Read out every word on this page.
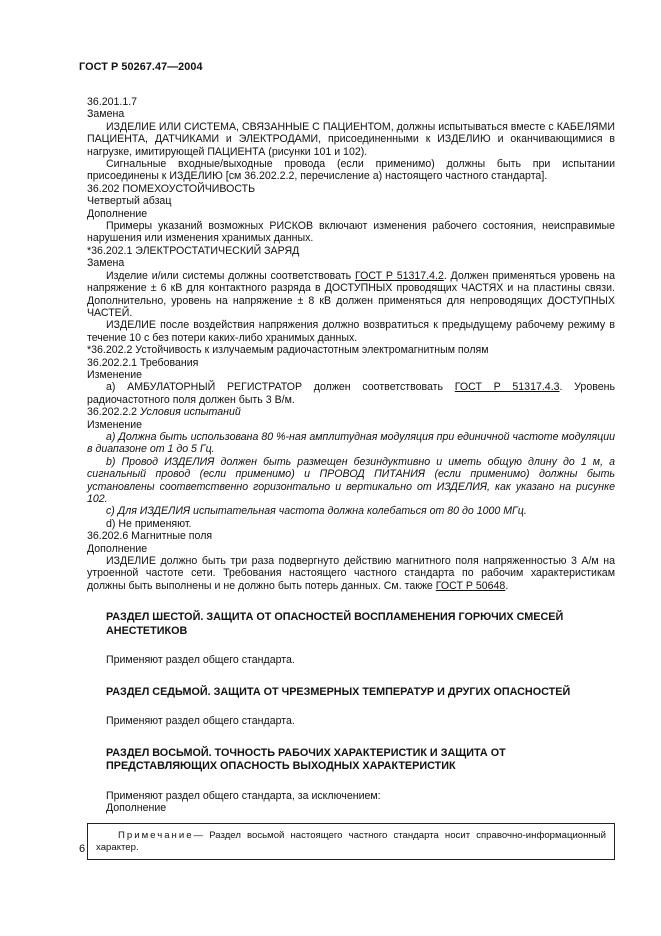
ГОСТ Р 50267.47—2004

36.201.1.7

Замена

ИЗДЕЛИЕ ИЛИ СИСТЕМА, СВЯЗАННЫЕ С ПАЦИЕНТОМ, должны испытываться вместе с КАБЕЛЯМИ ПАЦИЕНТА, ДАТЧИКАМИ и ЭЛЕКТРОДАМИ, присоединенными к ИЗДЕЛИЮ и оканчивающимися в нагрузке, имитирующей ПАЦИЕНТА (рисунки 101 и 102).

Сигнальные входные/выходные провода (если применимо) должны быть при испытании присоединены к ИЗДЕЛИЮ [см 36.202.2.2, перечисление а) настоящего частного стандарта].

36.202 ПОМЕХОУСТОЙЧИВОСТЬ

Четвертый абзац

Дополнение

Примеры указаний возможных РИСКОВ включают изменения рабочего состояния, неисправимые нарушения или изменения хранимых данных.

*36.202.1 ЭЛЕКТРОСТАТИЧЕСКИЙ ЗАРЯД

Замена

Изделие и/или системы должны соответствовать ГОСТ Р 51317.4.2. Должен применяться уровень на напряжение ± 6 кВ для контактного разряда в ДОСТУПНЫХ проводящих ЧАСТЯХ и на пластины связи. Дополнительно, уровень на напряжение ± 8 кВ должен применяться для непроводящих ДОСТУПНЫХ ЧАСТЕЙ.

ИЗДЕЛИЕ после воздействия напряжения должно возвратиться к предыдущему рабочему режиму в течение 10 с без потери каких-либо хранимых данных.

*36.202.2 Устойчивость к излучаемым радиочастотным электромагнитным полям

36.202.2.1 Требования

Изменение

а) АМБУЛАТОРНЫЙ РЕГИСТРАТОР должен соответствовать ГОСТ Р 51317.4.3. Уровень радиочастотного поля должен быть 3 В/м.

36.202.2.2 Условия испытаний

Изменение

а) Должна быть использована 80 %-ная амплитудная модуляция при единичной частоте модуляции в диапазоне от 1 до 5 Гц.

b) Провод ИЗДЕЛИЯ должен быть размещен безиндуктивно и иметь общую длину до 1 м, а сигнальный провод (если применимо) и ПРОВОД ПИТАНИЯ (если применимо) должны быть установлены соответственно горизонтально и вертикально от ИЗДЕЛИЯ, как указано на рисунке 102.

с) Для ИЗДЕЛИЯ испытательная частота должна колебаться от 80 до 1000 МГц.

d) Не применяют.

36.202.6 Магнитные поля

Дополнение

ИЗДЕЛИЕ должно быть три раза подвергнуто действию магнитного поля напряженностью 3 А/м на утроенной частоте сети. Требования настоящего частного стандарта по рабочим характеристикам должны быть выполнены и не должно быть потерь данных. См. также ГОСТ Р 50648.

РАЗДЕЛ ШЕСТОЙ. ЗАЩИТА ОТ ОПАСНОСТЕЙ ВОСПЛАМЕНЕНИЯ ГОРЮЧИХ СМЕСЕЙ АНЕСТЕТИКОВ

Применяют раздел общего стандарта.

РАЗДЕЛ СЕДЬМОЙ. ЗАЩИТА ОТ ЧРЕЗМЕРНЫХ ТЕМПЕРАТУР И ДРУГИХ ОПАСНОСТЕЙ

Применяют раздел общего стандарта.

РАЗДЕЛ ВОСЬМОЙ. ТОЧНОСТЬ РАБОЧИХ ХАРАКТЕРИСТИК И ЗАЩИТА ОТ ПРЕДСТАВЛЯЮЩИХ ОПАСНОСТЬ ВЫХОДНЫХ ХАРАКТЕРИСТИК

Применяют раздел общего стандарта, за исключением:

Дополнение

Примечание— Раздел восьмой настоящего частного стандарта носит справочно-информационный характер.

6
